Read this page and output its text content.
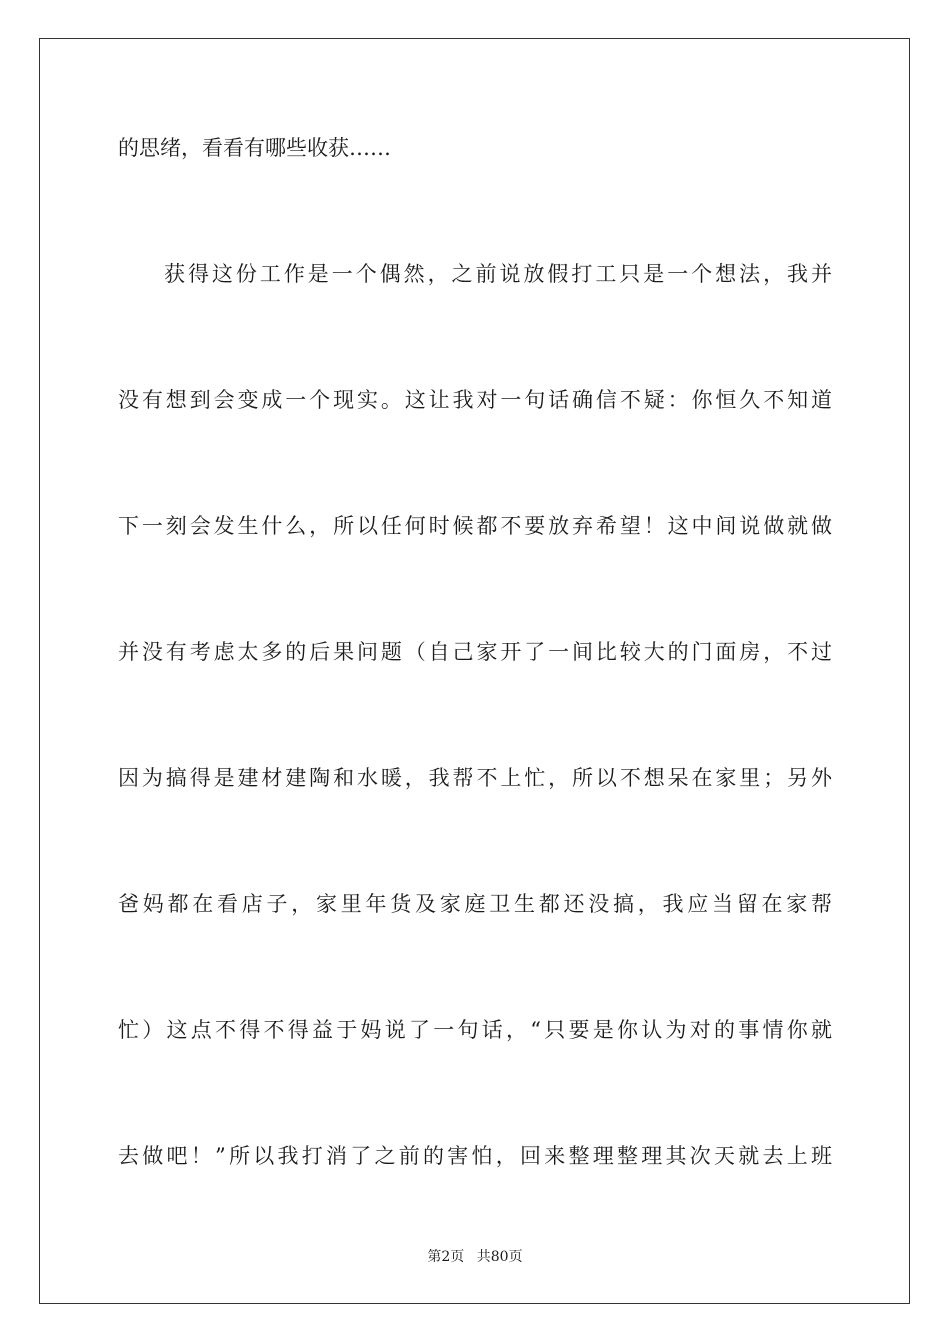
的思绪，看看有哪些收获……
获得这份工作是一个偶然，之前说放假打工只是一个想法，我并
没有想到会变成一个现实。这让我对一句话确信不疑：你恒久不知道
下一刻会发生什么，所以任何时候都不要放弃希望！这中间说做就做
并没有考虑太多的后果问题（自己家开了一间比较大的门面房，不过
因为搞得是建材建陶和水暖，我帮不上忙，所以不想呆在家里；另外
爸妈都在看店子，家里年货及家庭卫生都还没搞，我应当留在家帮
忙）这点不得不得益于妈说了一句话，“只要是你认为对的事情你就
去做吧！”所以我打消了之前的害怕，回来整理整理其次天就去上班
第2页 共80页
